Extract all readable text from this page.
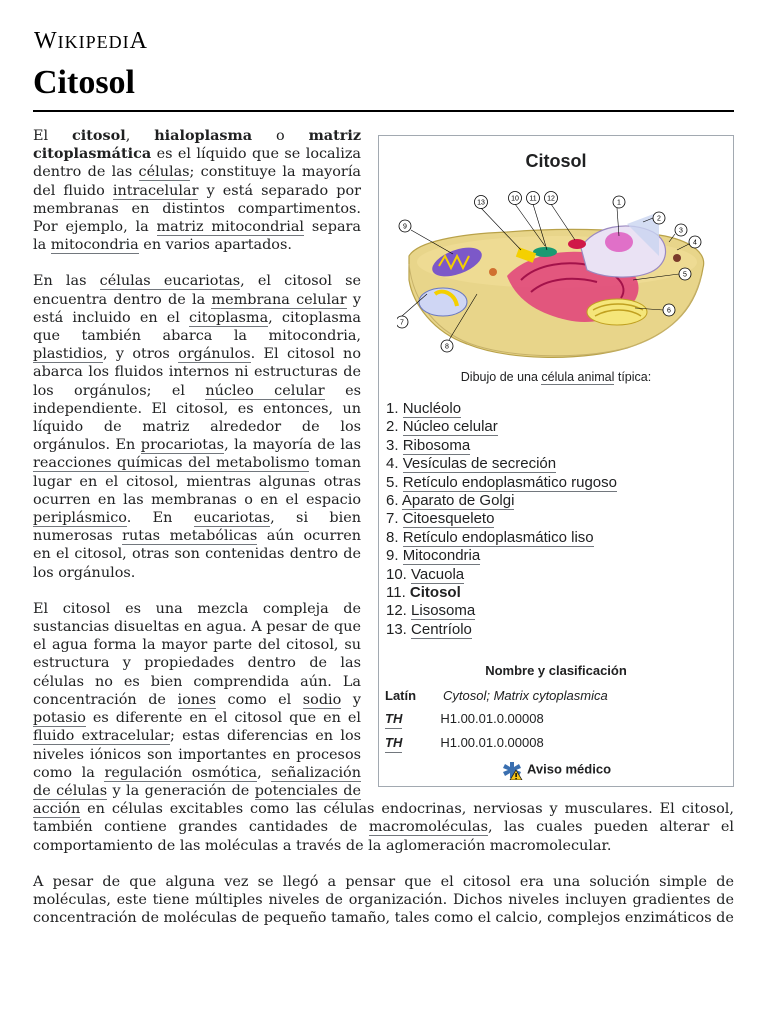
WIKIPEDIA
Citosol
Citosol
1
2
3
4
5
6
7
8
9
10 11 12
13
Dibujo de una célula animal típica:
1. Nucléolo
2. Núcleo celular
3. Ribosoma
4. Vesículas de secreción
5. Retículo endoplasmático rugoso
6. Aparato de Golgi
7. Citoesqueleto
8. Retículo endoplasmático liso
9. Mitocondria
10. Vacuola
11. Citosol
12. Lisosoma
13. Centríolo
Nombre y clasificación
Latín Cytosol; Matrix cytoplasmica
TH	H1.00.01.0.00008
TH	H1.00.01.0.00008
Aviso médico

El citosol, hialoplasma o matriz citoplasmática es el líquido que se localiza dentro de las células; constituye la mayoría del fluido intracelular y está separado por membranas en distintos compartimentos. Por ejemplo, la matriz mitocondrial separa la mitocondria en varios apartados.

En las células eucariotas, el citosol se encuentra dentro de la membrana celular y está incluido en el citoplasma, citoplasma que también abarca la mitocondria, plastidios, y otros orgánulos. El citosol no abarca los fluidos internos ni estructuras de los orgánulos; el núcleo celular es independiente. El citosol, es entonces, un líquido de matriz alrededor de los orgánulos. En procariotas, la mayoría de las reacciones químicas del metabolismo toman lugar en el citosol, mientras algunas otras ocurren en las membranas o en el espacio periplásmico. En eucariotas, si bien numerosas rutas metabólicas aún ocurren en el citosol, otras son contenidas dentro de los orgánulos.

El citosol es una mezcla compleja de sustancias disueltas en agua. A pesar de que el agua forma la mayor parte del citosol, su estructura y propiedades dentro de las células no es bien comprendida aún. La concentración de iones como el sodio y potasio es diferente en el citosol que en el fluido extracelular; estas diferencias en los niveles iónicos son importantes en procesos como la regulación osmótica, señalización de células y la generación de potenciales de acción en células excitables como las células endocrinas, nerviosas y musculares. El citosol, también contiene grandes cantidades de macromoléculas, las cuales pueden alterar el comportamiento de las moléculas a través de la aglomeración macromolecular.

A pesar de que alguna vez se llegó a pensar que el citosol era una solución simple de moléculas, este tiene múltiples niveles de organización. Dichos niveles incluyen gradientes de concentración de moléculas de pequeño tamaño, tales como el calcio, complejos enzimáticos de
